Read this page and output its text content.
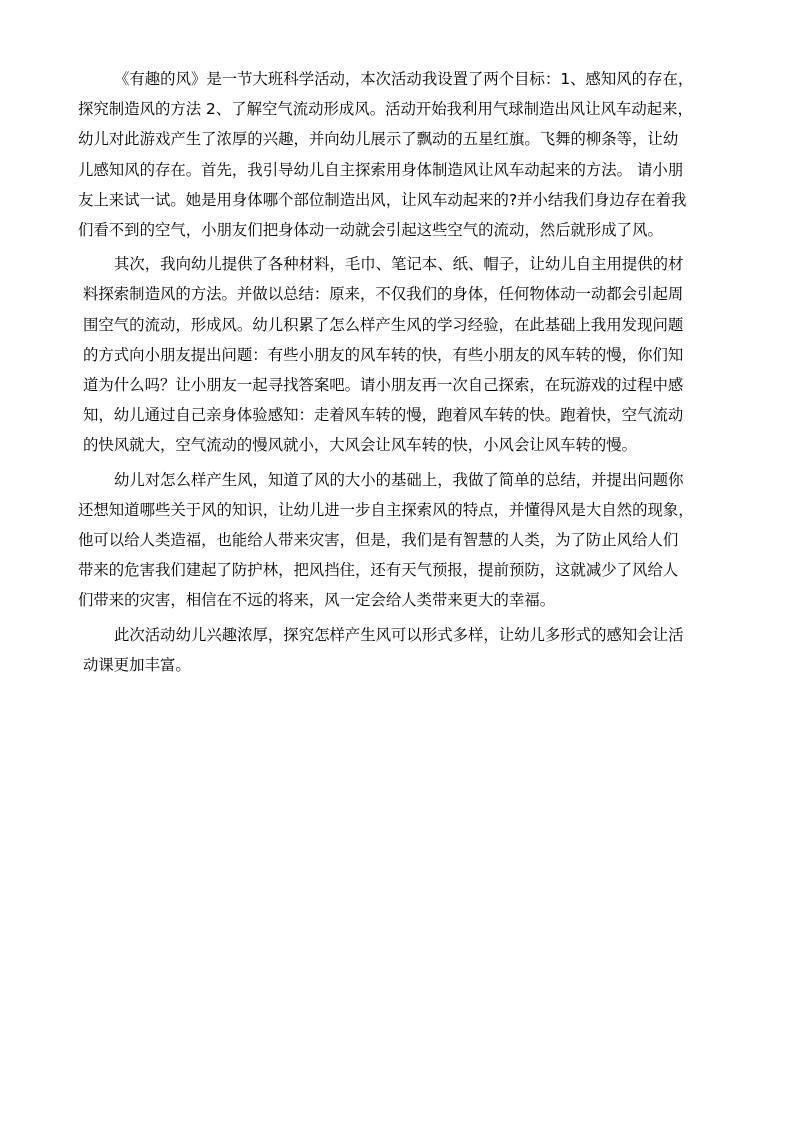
《有趣的风》是一节大班科学活动，本次活动我设置了两个目标：1、感知风的存在，
探究制造风的方法 2、了解空气流动形成风。活动开始我利用气球制造出风让风车动起来，
幼儿对此游戏产生了浓厚的兴趣，并向幼儿展示了飘动的五星红旗。飞舞的柳条等，让幼
儿感知风的存在。首先，我引导幼儿自主探索用身体制造风让风车动起来的方法。 请小朋
友上来试一试。她是用身体哪个部位制造出风，让风车动起来的?并小结我们身边存在着我
们看不到的空气，小朋友们把身体动一动就会引起这些空气的流动，然后就形成了风。

其次，我向幼儿提供了各种材料，毛巾、笔记本、纸、帽子，让幼儿自主用提供的材
料探索制造风的方法。并做以总结：原来，不仅我们的身体，任何物体动一动都会引起周
围空气的流动，形成风。幼儿积累了怎么样产生风的学习经验，在此基础上我用发现问题
的方式向小朋友提出问题：有些小朋友的风车转的快，有些小朋友的风车转的慢，你们知
道为什么吗？让小朋友一起寻找答案吧。请小朋友再一次自己探索，在玩游戏的过程中感
知，幼儿通过自己亲身体验感知：走着风车转的慢，跑着风车转的快。跑着快，空气流动
的快风就大，空气流动的慢风就小，大风会让风车转的快，小风会让风车转的慢。

幼儿对怎么样产生风，知道了风的大小的基础上，我做了简单的总结，并提出问题你
还想知道哪些关于风的知识，让幼儿进一步自主探索风的特点，并懂得风是大自然的现象，
他可以给人类造福，也能给人带来灾害，但是，我们是有智慧的人类，为了防止风给人们
带来的危害我们建起了防护林，把风挡住，还有天气预报，提前预防，这就减少了风给人
们带来的灾害，相信在不远的将来，风一定会给人类带来更大的幸福。

此次活动幼儿兴趣浓厚，探究怎样产生风可以形式多样，让幼儿多形式的感知会让活
动课更加丰富。
